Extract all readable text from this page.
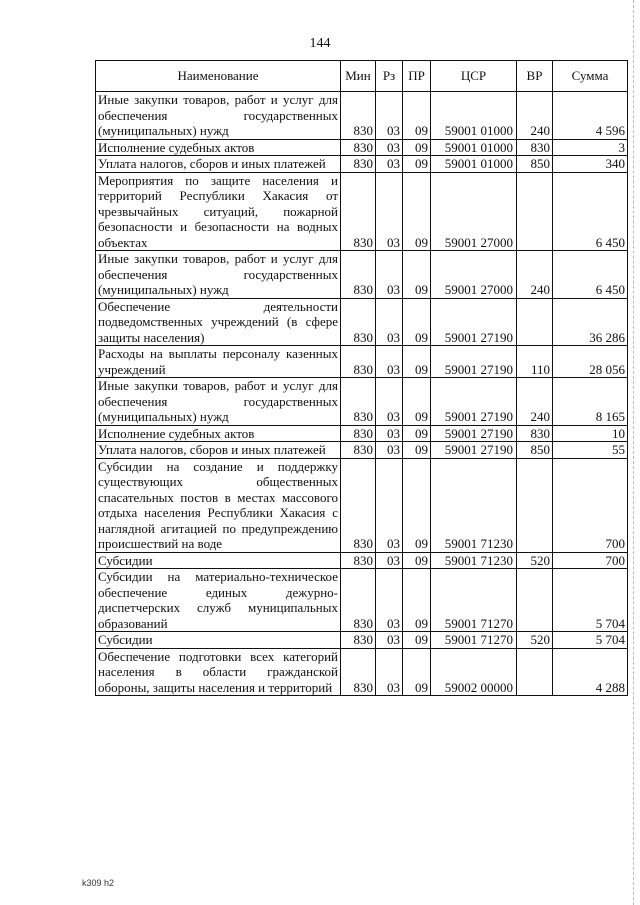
144
Наименование	Мин	Рз	ПР	ЦСР	ВР	Сумма
Иные закупки товаров, работ и услуг для обеспечения государственных (муниципальных) нужд	830	03	09	59001 01000	240	4 596
Исполнение судебных актов	830	03	09	59001 01000	830	3
Уплата налогов, сборов и иных платежей	830	03	09	59001 01000	850	340
Мероприятия по защите населения и территорий Республики Хакасия от чрезвычайных ситуаций, пожарной безопасности и безопасности на водных объектах	830	03	09	59001 27000		6 450
Иные закупки товаров, работ и услуг для обеспечения государственных (муниципальных) нужд	830	03	09	59001 27000	240	6 450
Обеспечение деятельности подведомственных учреждений (в сфере защиты населения)	830	03	09	59001 27190		36 286
Расходы на выплаты персоналу казенных учреждений	830	03	09	59001 27190	110	28 056
Иные закупки товаров, работ и услуг для обеспечения государственных (муниципальных) нужд	830	03	09	59001 27190	240	8 165
Исполнение судебных актов	830	03	09	59001 27190	830	10
Уплата налогов, сборов и иных платежей	830	03	09	59001 27190	850	55
Субсидии на создание и поддержку существующих общественных спасательных постов в местах массового отдыха населения Республики Хакасия с наглядной агитацией по предупреждению происшествий на воде	830	03	09	59001 71230		700
Субсидии	830	03	09	59001 71230	520	700
Субсидии на материально-техническое обеспечение единых дежурно-диспетчерских служб муниципальных образований	830	03	09	59001 71270		5 704
Субсидии	830	03	09	59001 71270	520	5 704
Обеспечение подготовки всех категорий населения в области гражданской обороны, защиты населения и территорий	830	03	09	59002 00000		4 288
k309 h2
